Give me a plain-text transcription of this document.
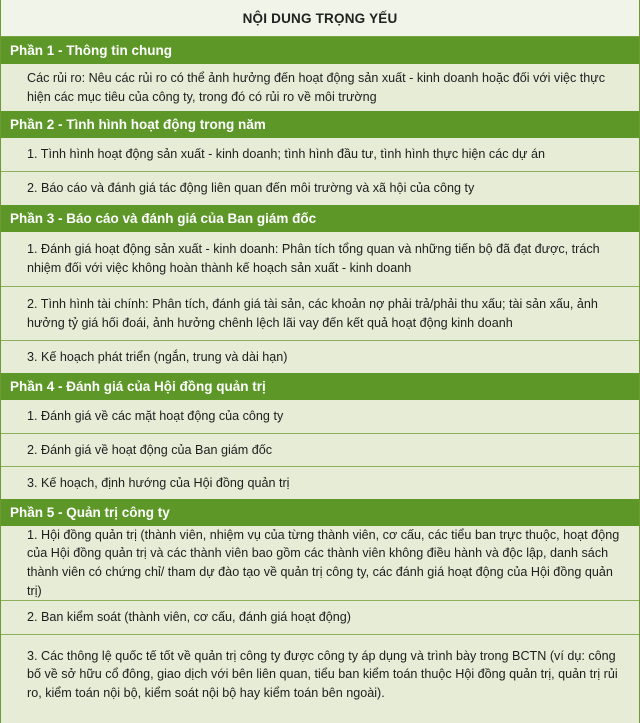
NỘI DUNG TRỌNG YẾU
Phần 1 - Thông tin chung
Các rủi ro: Nêu các rủi ro có thể ảnh hưởng đến hoạt động sản xuất - kinh doanh hoặc đối với việc thực hiện các mục tiêu của công ty, trong đó có rủi ro về môi trường
Phần 2 - Tình hình hoạt động trong năm
1. Tình hình hoạt động sản xuất - kinh doanh; tình hình đầu tư, tình hình thực hiện các dự án
2. Báo cáo và đánh giá tác động liên quan đến môi trường và xã hội của công ty
Phần 3 - Báo cáo và đánh giá của Ban giám đốc
1. Đánh giá hoạt động sản xuất - kinh doanh: Phân tích tổng quan và những tiến bộ đã đạt được, trách nhiệm đối với việc không hoàn thành kế hoạch sản xuất - kinh doanh
2. Tình hình tài chính: Phân tích, đánh giá tài sản, các khoản nợ phải trả/phải thu xấu; tài sản xấu, ảnh hưởng tỷ giá hối đoái, ảnh hưởng chênh lệch lãi vay đến kết quả hoạt động kinh doanh
3. Kế hoạch phát triển (ngắn, trung và dài hạn)
Phần 4 - Đánh giá của Hội đồng quản trị
1. Đánh giá về các mặt hoạt động của công ty
2. Đánh giá về hoạt động của Ban giám đốc
3. Kế hoạch, định hướng của Hội đồng quản trị
Phần 5 - Quản trị công ty
1. Hội đồng quản trị (thành viên, nhiệm vụ của từng thành viên, cơ cấu, các tiểu ban trực thuộc, hoạt động của Hội đồng quản trị và các thành viên bao gồm các thành viên không điều hành và độc lập, danh sách thành viên có chứng chỉ/ tham dự đào tạo về quản trị công ty, các đánh giá hoạt động của Hội đồng quản trị)
2. Ban kiểm soát (thành viên, cơ cấu, đánh giá hoạt động)
3. Các thông lệ quốc tế tốt về quản trị công ty được công ty áp dụng và trình bày trong BCTN (ví dụ: công bố về sở hữu cổ đông, giao dịch với bên liên quan, tiểu ban kiểm toán thuộc Hội đồng quản trị, quản trị rủi ro, kiểm toán nội bộ, kiểm soát nội bộ hay kiểm toán bên ngoài).
